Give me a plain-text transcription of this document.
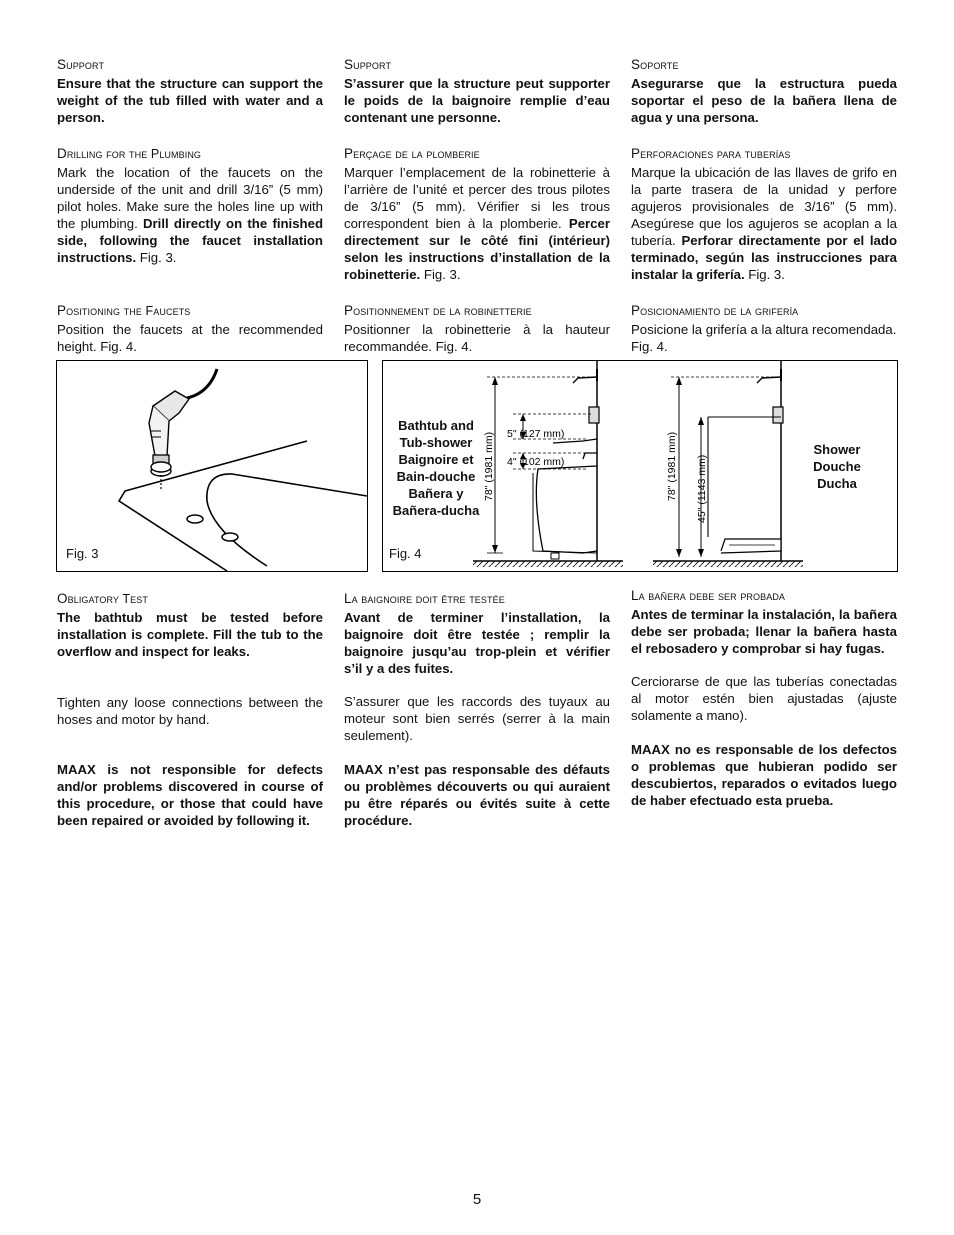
Support

Ensure that the structure can support the weight of the tub filled with water and a person.

Drilling for the Plumbing

Mark the location of the faucets on the underside of the unit and drill 3/16” (5 mm) pilot holes. Make sure the holes line up with the plumbing. Drill directly on the finished side, following the faucet installation instructions. Fig. 3.

Positioning the Faucets

Position the faucets at the recommended height. Fig. 4.

Support

S’assurer que la structure peut supporter le poids de la baignoire remplie d’eau contenant une personne.

Perçage de la plomberie

Marquer l’emplacement de la robinetterie à l’arrière de l’unité et percer des trous pilotes de 3/16” (5 mm). Vérifier si les trous correspondent bien à la plomberie. Percer directement sur le côté fini (intérieur) selon les instructions d’installation de la robinetterie. Fig. 3.

Positionnement de la robinetterie

Positionner la robinetterie à la hauteur recommandée. Fig. 4.

Soporte

Asegurarse que la estructura pueda soportar el peso de la bañera llena de agua y una persona.

Perforaciones para tuberías

Marque la ubicación de las llaves de grifo en la parte trasera de la unidad y perfore agujeros provisionales de 3/16” (5 mm). Asegúrese que los agujeros se acoplan a la tubería. Perforar directamente por el lado terminado, según las instrucciones para instalar la grifería. Fig. 3.

Posicionamiento de la grifería

Posicione la grifería a la altura recomendada. Fig. 4.

Fig. 3
78" (1981 mm)	78" (1981 mm) 45" (1143 mm)
5" (127 mm)
4" (102 mm)
Bathtub and
Tub-shower
Baignoire et
Bain-douche
Bañera y
Bañera-ducha
Shower
Douche
Ducha
Fig. 4
Obligatory Test

The bathtub must be tested before installation is complete. Fill the tub to the overflow and inspect for leaks.

Tighten any loose connections between the hoses and motor by hand.

MAAX is not responsible for defects and/or problems discovered in course of this procedure, or those that could have been repaired or avoided by following it.

La baignoire doit être testée

Avant de terminer l’installation, la baignoire doit être testée ; remplir la baignoire jusqu’au trop-plein et vérifier s’il y a des fuites.

S’assurer que les raccords des tuyaux au moteur sont bien serrés (serrer à la main seulement).

MAAX n’est pas responsable des défauts ou problèmes découverts ou qui auraient pu être réparés ou évités suite à cette procédure.

La bañera debe ser probada

Antes de terminar la instalación, la bañera debe ser probada; llenar la bañera hasta el rebosadero y comprobar si hay fugas.

Cerciorarse de que las tuberías conectadas al motor estén bien ajustadas (ajuste solamente a mano).

MAAX no es responsable de los defectos o problemas que hubieran podido ser descubiertos, reparados o evitados luego de haber efectuado esta prueba.

5
